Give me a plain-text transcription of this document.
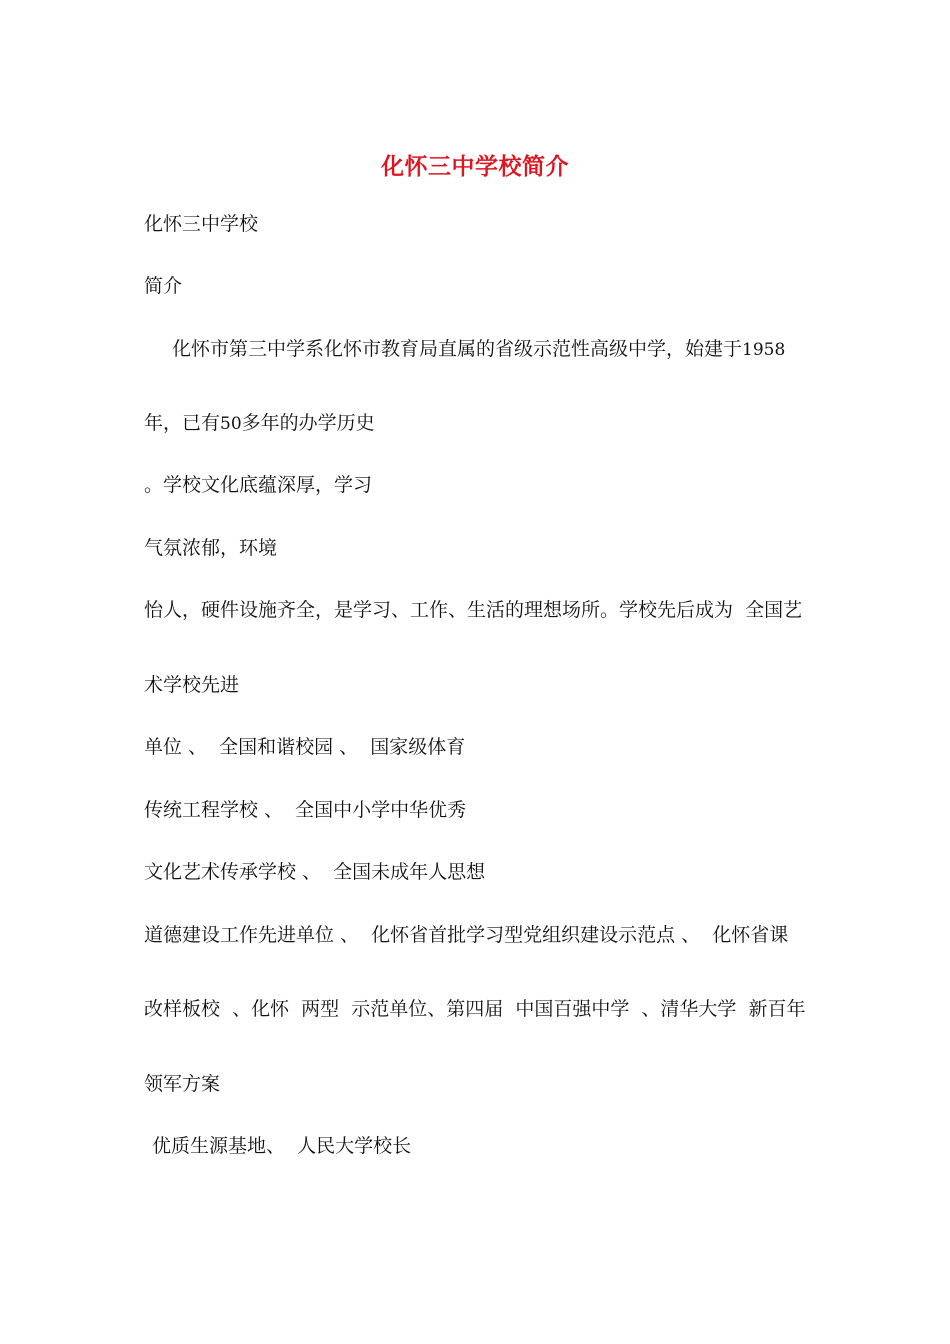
化怀三中学校简介

化怀三中学校

简介

化怀市第三中学系化怀市教育局直属的省级示范性高级中学，始建于1958

年，已有50多年的办学历史

。学校文化底蕴深厚，学习

气氛浓郁，环境

怡人，硬件设施齐全，是学习、工作、生活的理想场所。学校先后成为  全国艺

术学校先进

单位 、  全国和谐校园 、  国家级体育

传统工程学校 、  全国中小学中华优秀

文化艺术传承学校 、  全国未成年人思想

道德建设工作先进单位 、  化怀省首批学习型党组织建设示范点 、  化怀省课

改样板校  、化怀  两型  示范单位、第四届  中国百强中学  、清华大学  新百年

领军方案

优质生源基地、  人民大学校长
